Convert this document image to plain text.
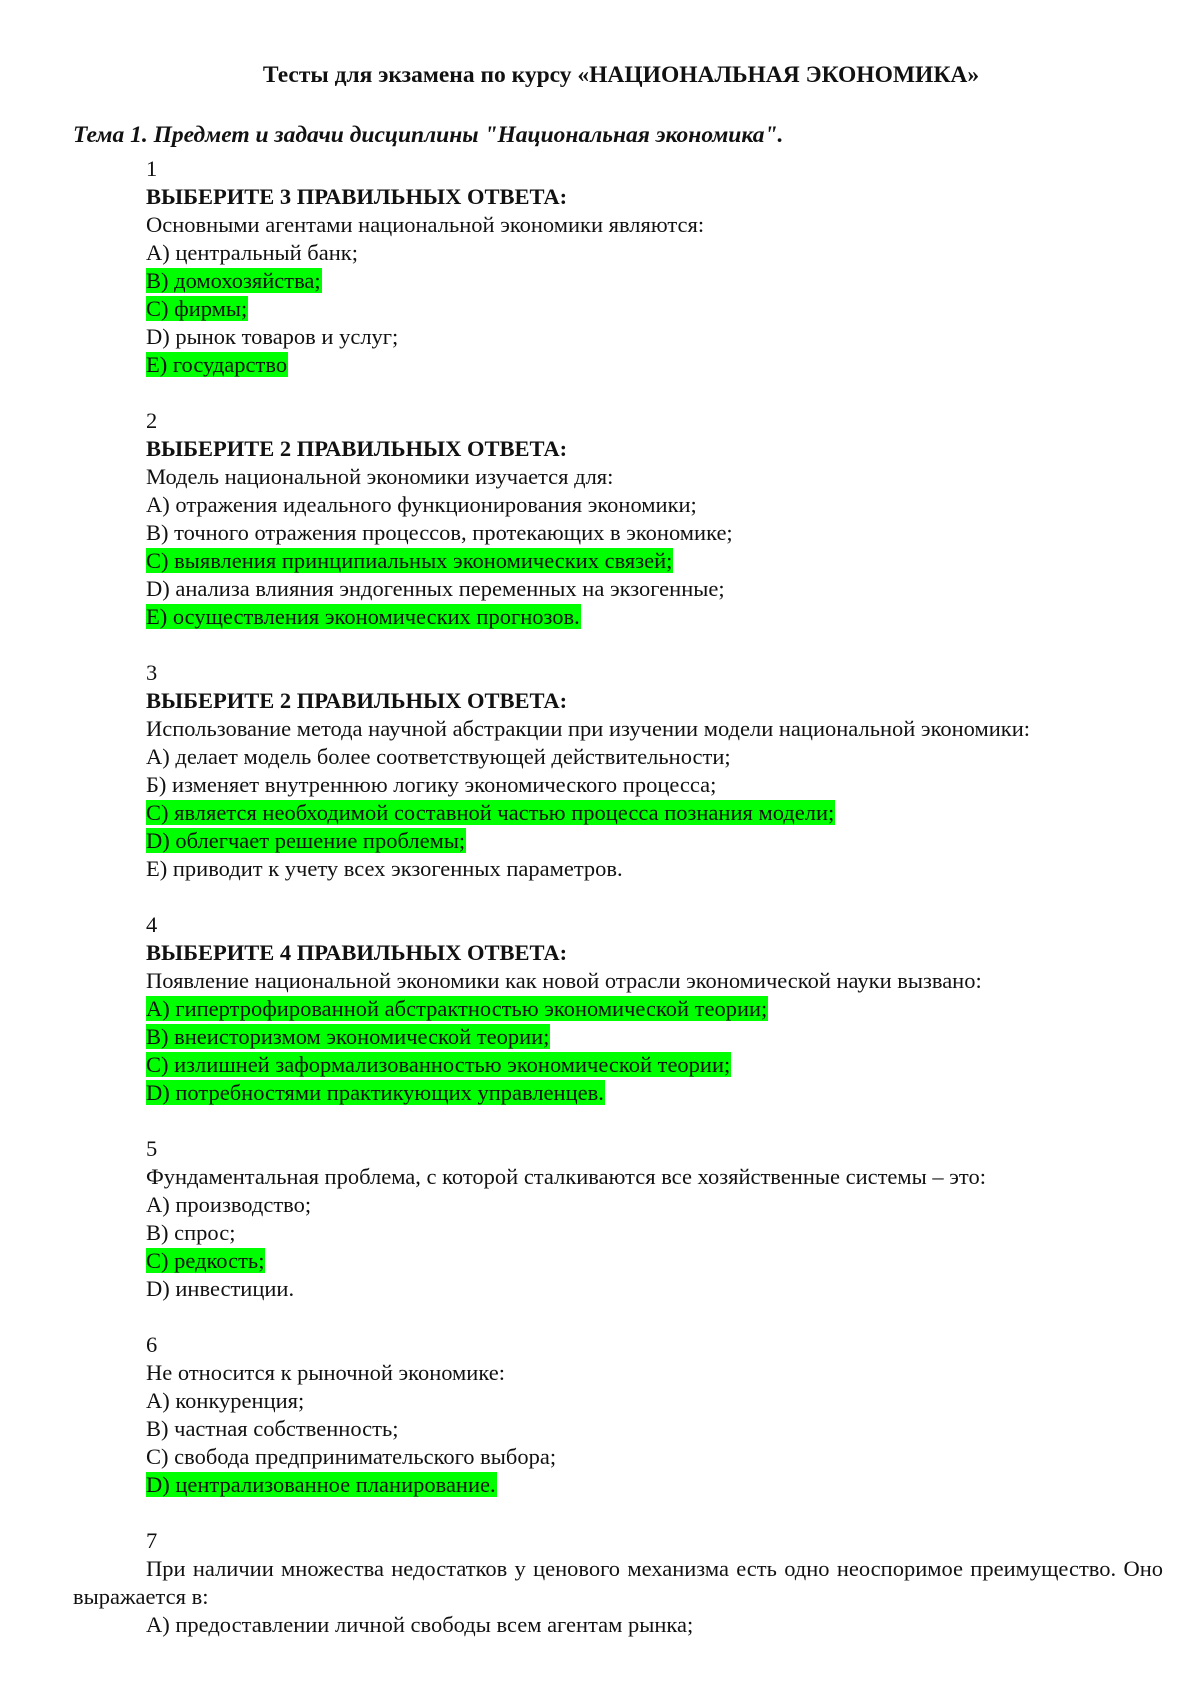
Тесты для экзамена по курсу «НАЦИОНАЛЬНАЯ ЭКОНОМИКА»
Тема 1. Предмет и задачи дисциплины "Национальная экономика".
1
ВЫБЕРИТЕ 3 ПРАВИЛЬНЫХ ОТВЕТА:
Основными агентами национальной экономики являются:
A) центральный банк;
B) домохозяйства;
C) фирмы;
D) рынок товаров и услуг;
E) государство
2
ВЫБЕРИТЕ 2 ПРАВИЛЬНЫХ ОТВЕТА:
Модель национальной экономики изучается для:
A) отражения идеального функционирования экономики;
B) точного отражения процессов, протекающих в экономике;
C) выявления принципиальных экономических связей;
D) анализа влияния эндогенных переменных на экзогенные;
E) осуществления экономических прогнозов.
3
ВЫБЕРИТЕ 2 ПРАВИЛЬНЫХ ОТВЕТА:
Использование метода научной абстракции при изучении модели национальной экономики:
A) делает модель более соответствующей действительности;
Б) изменяет внутреннюю логику экономического процесса;
C) является необходимой составной частью процесса познания модели;
D) облегчает решение проблемы;
E) приводит к учету всех экзогенных параметров.
4
ВЫБЕРИТЕ 4 ПРАВИЛЬНЫХ ОТВЕТА:
Появление национальной экономики как новой отрасли экономической науки вызвано:
A) гипертрофированной абстрактностью экономической теории;
B) внеисторизмом экономической теории;
C) излишней заформализованностью экономической теории;
D) потребностями практикующих управленцев.
5
Фундаментальная проблема, с которой сталкиваются все хозяйственные системы – это:
A) производство;
B) спрос;
C) редкость;
D) инвестиции.
6
Не относится к рыночной экономике:
A) конкуренция;
B) частная собственность;
C) свобода предпринимательского выбора;
D) централизованное планирование.
7
При наличии множества недостатков у ценового механизма есть одно неоспоримое преимущество. Оно выражается в:
A) предоставлении личной свободы всем агентам рынка;
